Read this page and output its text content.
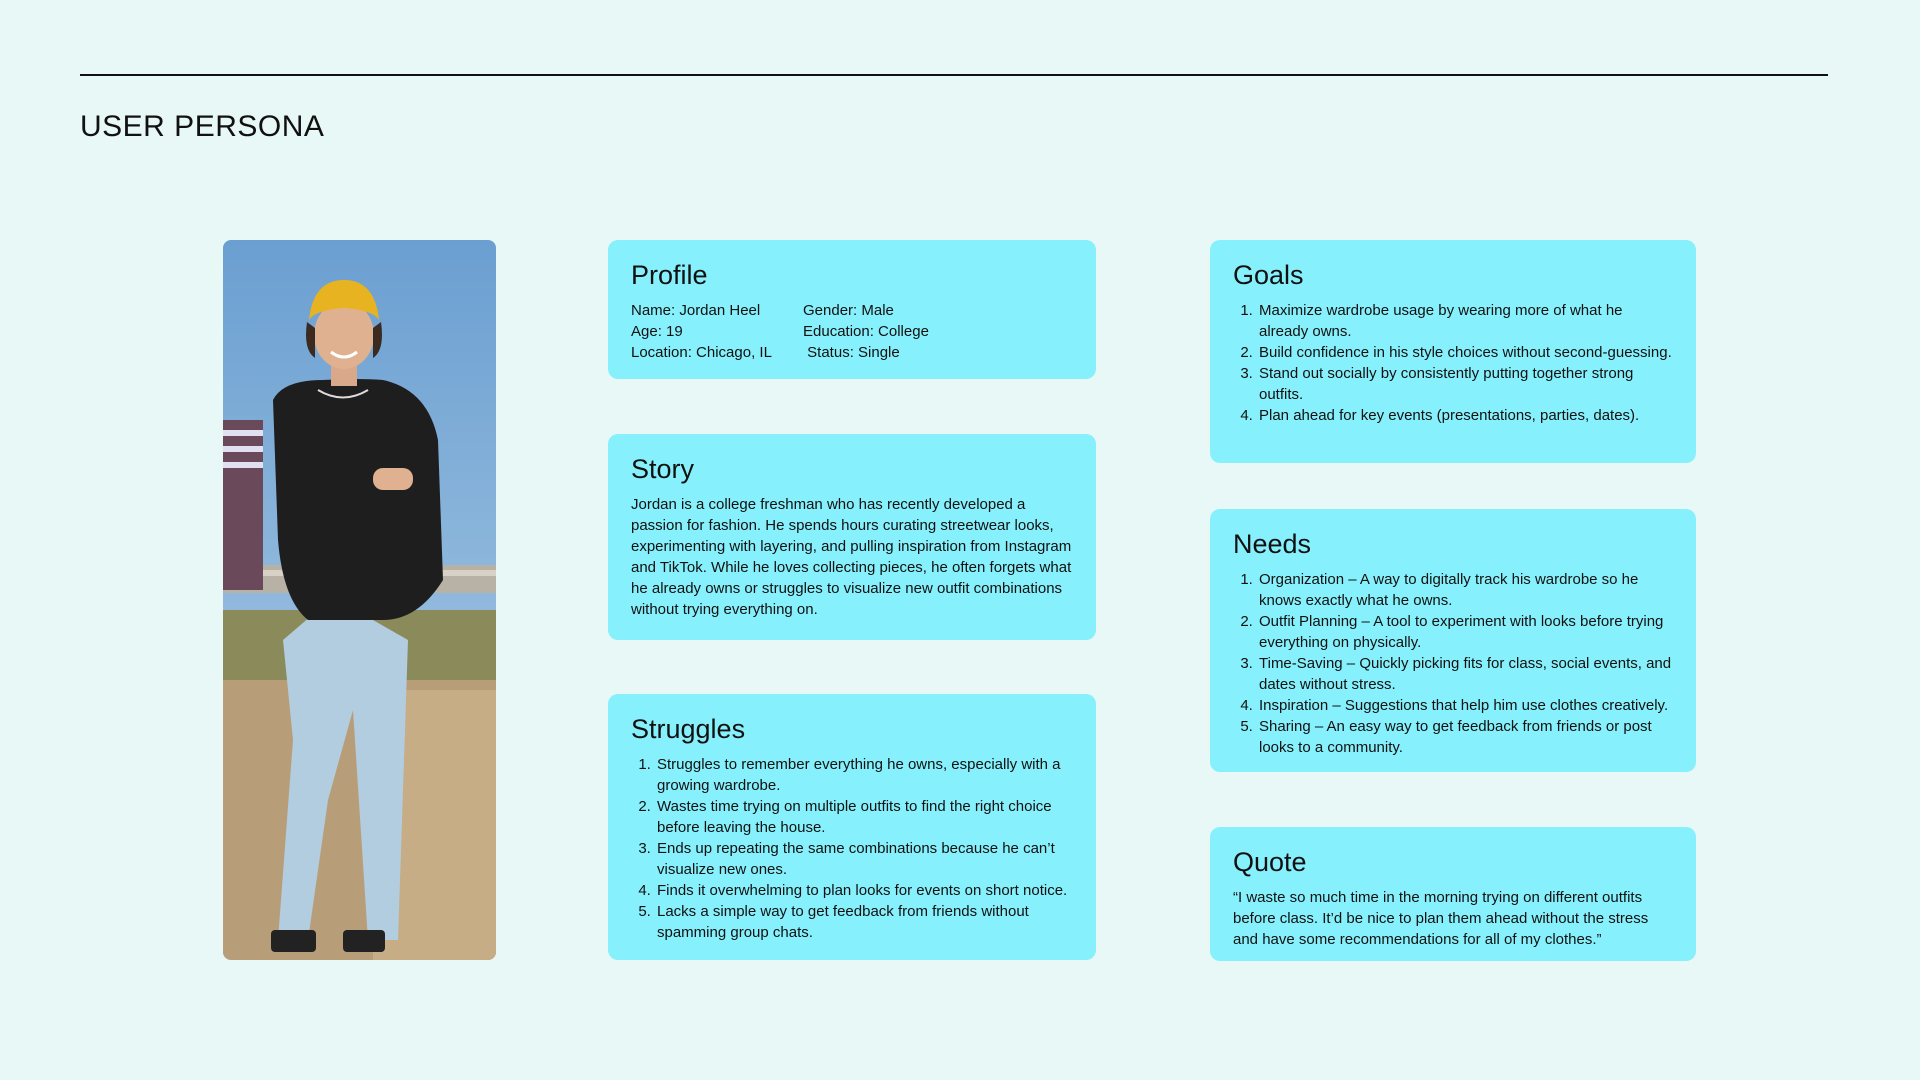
USER PERSONA
Profile
Name: Jordan Heel	Gender: Male
Age: 19	Education: College
Location: Chicago, IL	Status: Single
Story

Jordan is a college freshman who has recently developed a passion for fashion. He spends hours curating streetwear looks, experimenting with layering, and pulling inspiration from Instagram and TikTok. While he loves collecting pieces, he often forgets what he already owns or struggles to visualize new outfit combinations without trying everything on.

Struggles
1. Struggles to remember everything he owns, especially with a growing wardrobe.
2. Wastes time trying on multiple outfits to find the right choice before leaving the house.
3. Ends up repeating the same combinations because he can’t visualize new ones.
4. Finds it overwhelming to plan looks for events on short notice.
5. Lacks a simple way to get feedback from friends without spamming group chats.
Goals
1. Maximize wardrobe usage by wearing more of what he already owns.
2. Build confidence in his style choices without second-guessing.
3. Stand out socially by consistently putting together strong outfits.
4. Plan ahead for key events (presentations, parties, dates).
Needs
1. Organization – A way to digitally track his wardrobe so he knows exactly what he owns.
2. Outfit Planning – A tool to experiment with looks before trying everything on physically.
3. Time-Saving – Quickly picking fits for class, social events, and dates without stress.
4. Inspiration – Suggestions that help him use clothes creatively.
5. Sharing – An easy way to get feedback from friends or post looks to a community.
Quote

“I waste so much time in the morning trying on different outfits before class. It’d be nice to plan them ahead without the stress and have some recommendations for all of my clothes.”
